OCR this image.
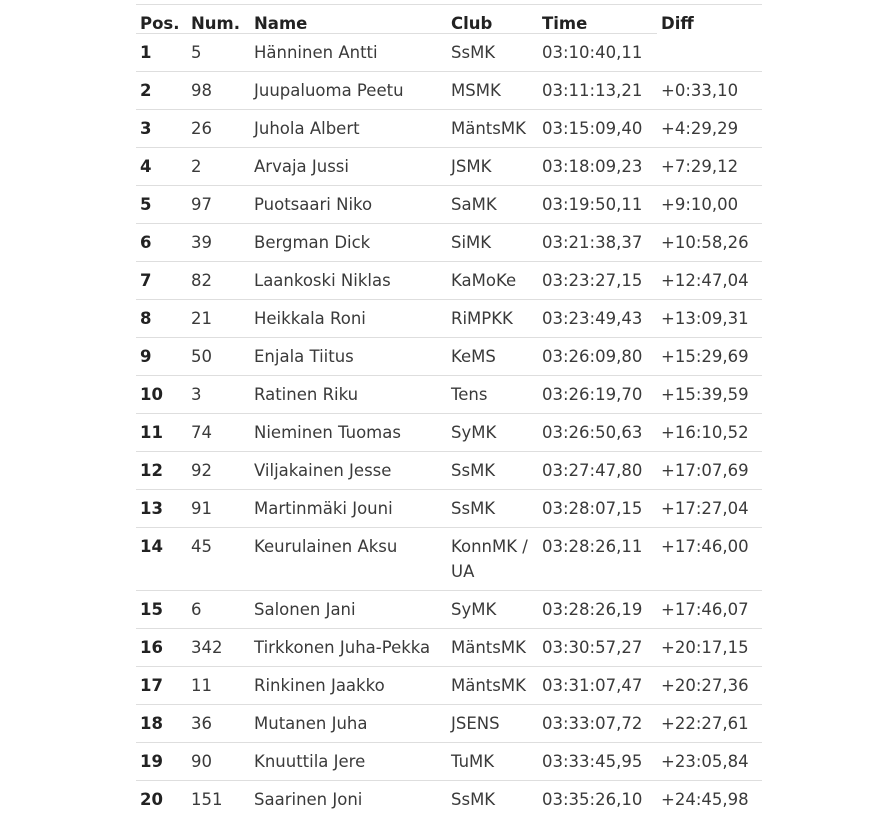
Pos.	Num.	Name	Club	Time	Diff
1	5	Hänninen Antti	SsMK	03:10:40,11	
2	98	Juupaluoma Peetu	MSMK	03:11:13,21	+0:33,10
3	26	Juhola Albert	MäntsMK	03:15:09,40	+4:29,29
4	2	Arvaja Jussi	JSMK	03:18:09,23	+7:29,12
5	97	Puotsaari Niko	SaMK	03:19:50,11	+9:10,00
6	39	Bergman Dick	SiMK	03:21:38,37	+10:58,26
7	82	Laankoski Niklas	KaMoKe	03:23:27,15	+12:47,04
8	21	Heikkala Roni	RiMPKK	03:23:49,43	+13:09,31
9	50	Enjala Tiitus	KeMS	03:26:09,80	+15:29,69
10	3	Ratinen Riku	Tens	03:26:19,70	+15:39,59
11	74	Nieminen Tuomas	SyMK	03:26:50,63	+16:10,52
12	92	Viljakainen Jesse	SsMK	03:27:47,80	+17:07,69
13	91	Martinmäki Jouni	SsMK	03:28:07,15	+17:27,04
14	45	Keurulainen Aksu	KonnMK / UA	03:28:26,11	+17:46,00
15	6	Salonen Jani	SyMK	03:28:26,19	+17:46,07
16	342	Tirkkonen Juha-Pekka	MäntsMK	03:30:57,27	+20:17,15
17	11	Rinkinen Jaakko	MäntsMK	03:31:07,47	+20:27,36
18	36	Mutanen Juha	JSENS	03:33:07,72	+22:27,61
19	90	Knuuttila Jere	TuMK	03:33:45,95	+23:05,84
20	151	Saarinen Joni	SsMK	03:35:26,10	+24:45,98
